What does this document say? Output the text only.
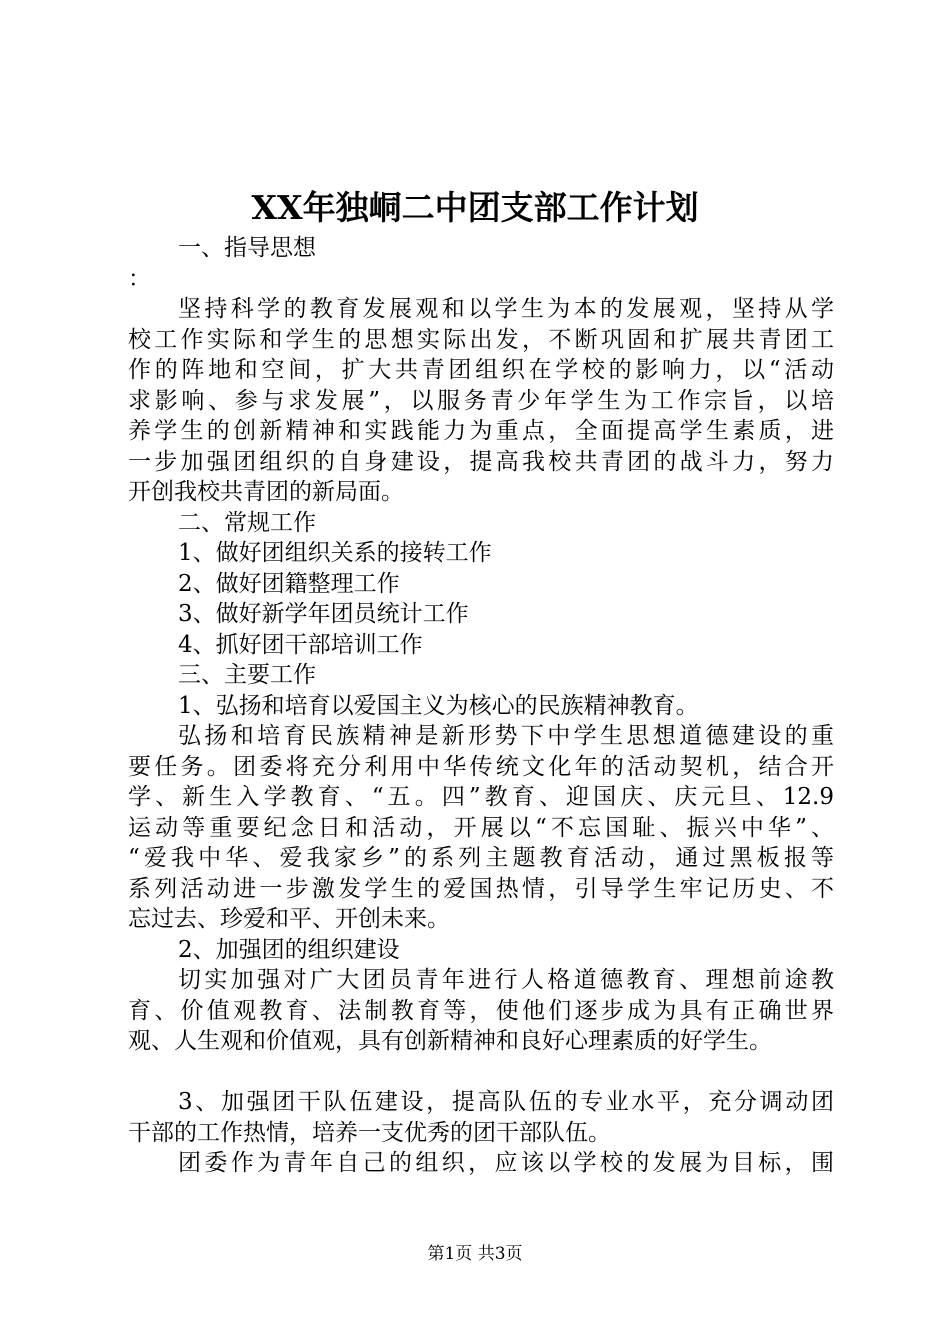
XX年独峒二中团支部工作计划
一、指导思想
：
坚持科学的教育发展观和以学生为本的发展观，坚持从学
校工作实际和学生的思想实际出发，不断巩固和扩展共青团工
作的阵地和空间，扩大共青团组织在学校的影响力，以“活动
求影响、参与求发展”，以服务青少年学生为工作宗旨，以培
养学生的创新精神和实践能力为重点，全面提高学生素质，进
一步加强团组织的自身建设，提高我校共青团的战斗力，努力
开创我校共青团的新局面。
二、常规工作
1、做好团组织关系的接转工作
2、做好团籍整理工作
3、做好新学年团员统计工作
4、抓好团干部培训工作
三、主要工作
1、弘扬和培育以爱国主义为核心的民族精神教育。
弘扬和培育民族精神是新形势下中学生思想道德建设的重
要任务。团委将充分利用中华传统文化年的活动契机，结合开
学、新生入学教育、“五。四”教育、迎国庆、庆元旦、12.9
运动等重要纪念日和活动，开展以“不忘国耻、振兴中华”、
“爱我中华、爱我家乡”的系列主题教育活动，通过黑板报等
系列活动进一步激发学生的爱国热情，引导学生牢记历史、不
忘过去、珍爱和平、开创未来。
2、加强团的组织建设
切实加强对广大团员青年进行人格道德教育、理想前途教
育、价值观教育、法制教育等，使他们逐步成为具有正确世界
观、人生观和价值观，具有创新精神和良好心理素质的好学生。
3、加强团干队伍建设，提高队伍的专业水平，充分调动团
干部的工作热情，培养一支优秀的团干部队伍。
团委作为青年自己的组织，应该以学校的发展为目标，围
第1页 共3页
